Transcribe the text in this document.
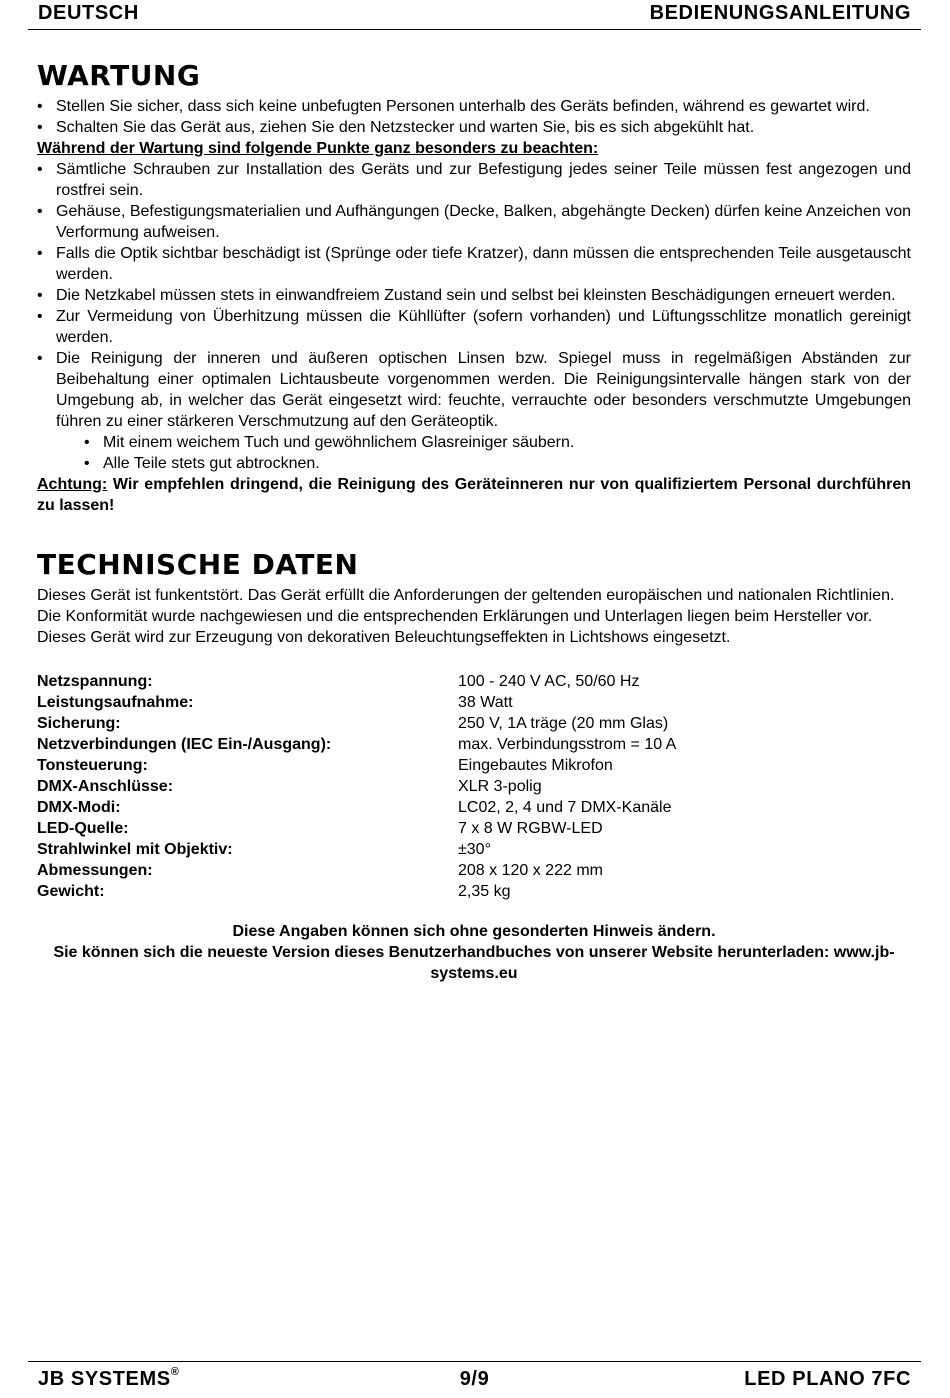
DEUTSCH	BEDIENUNGSANLEITUNG
WARTUNG
• Stellen Sie sicher, dass sich keine unbefugten Personen unterhalb des Geräts befinden, während es gewartet wird.
• Schalten Sie das Gerät aus, ziehen Sie den Netzstecker und warten Sie, bis es sich abgekühlt hat.
Während der Wartung sind folgende Punkte ganz besonders zu beachten:
• Sämtliche Schrauben zur Installation des Geräts und zur Befestigung jedes seiner Teile müssen fest angezogen und rostfrei sein.
• Gehäuse, Befestigungsmaterialien und Aufhängungen (Decke, Balken, abgehängte Decken) dürfen keine Anzeichen von Verformung aufweisen.
• Falls die Optik sichtbar beschädigt ist (Sprünge oder tiefe Kratzer), dann müssen die entsprechenden Teile ausgetauscht werden.
• Die Netzkabel müssen stets in einwandfreiem Zustand sein und selbst bei kleinsten Beschädigungen erneuert werden.
• Zur Vermeidung von Überhitzung müssen die Kühllüfter (sofern vorhanden) und Lüftungsschlitze monatlich gereinigt werden.
• Die Reinigung der inneren und äußeren optischen Linsen bzw. Spiegel muss in regelmäßigen Abständen zur Beibehaltung einer optimalen Lichtausbeute vorgenommen werden. Die Reinigungsintervalle hängen stark von der Umgebung ab, in welcher das Gerät eingesetzt wird: feuchte, verrauchte oder besonders verschmutzte Umgebungen führen zu einer stärkeren Verschmutzung auf den Geräteoptik.
• Mit einem weichem Tuch und gewöhnlichem Glasreiniger säubern.
• Alle Teile stets gut abtrocknen.
Achtung: Wir empfehlen dringend, die Reinigung des Geräteinneren nur von qualifiziertem Personal durchführen zu lassen!
TECHNISCHE DATEN

Dieses Gerät ist funkentstört. Das Gerät erfüllt die Anforderungen der geltenden europäischen und nationalen Richtlinien. Die Konformität wurde nachgewiesen und die entsprechenden Erklärungen und Unterlagen liegen beim Hersteller vor.

Dieses Gerät wird zur Erzeugung von dekorativen Beleuchtungseffekten in Lichtshows eingesetzt.

Netzspannung:	100 - 240 V AC, 50/60 Hz
Leistungsaufnahme:	38 Watt
Sicherung:	250 V, 1A träge (20 mm Glas)
Netzverbindungen (IEC Ein-/Ausgang):	max. Verbindungsstrom = 10 A
Tonsteuerung:	Eingebautes Mikrofon
DMX-Anschlüsse:	XLR 3-polig
DMX-Modi:	LC02, 2, 4 und 7 DMX-Kanäle
LED-Quelle:	7 x 8 W RGBW-LED
Strahlwinkel mit Objektiv:	±30°
Abmessungen:	208 x 120 x 222 mm
Gewicht:	2,35 kg
Diese Angaben können sich ohne gesonderten Hinweis ändern.
Sie können sich die neueste Version dieses Benutzerhandbuches von unserer Website herunterladen: www.jb-systems.eu
JB SYSTEMS®	9/9	LED PLANO 7FC
